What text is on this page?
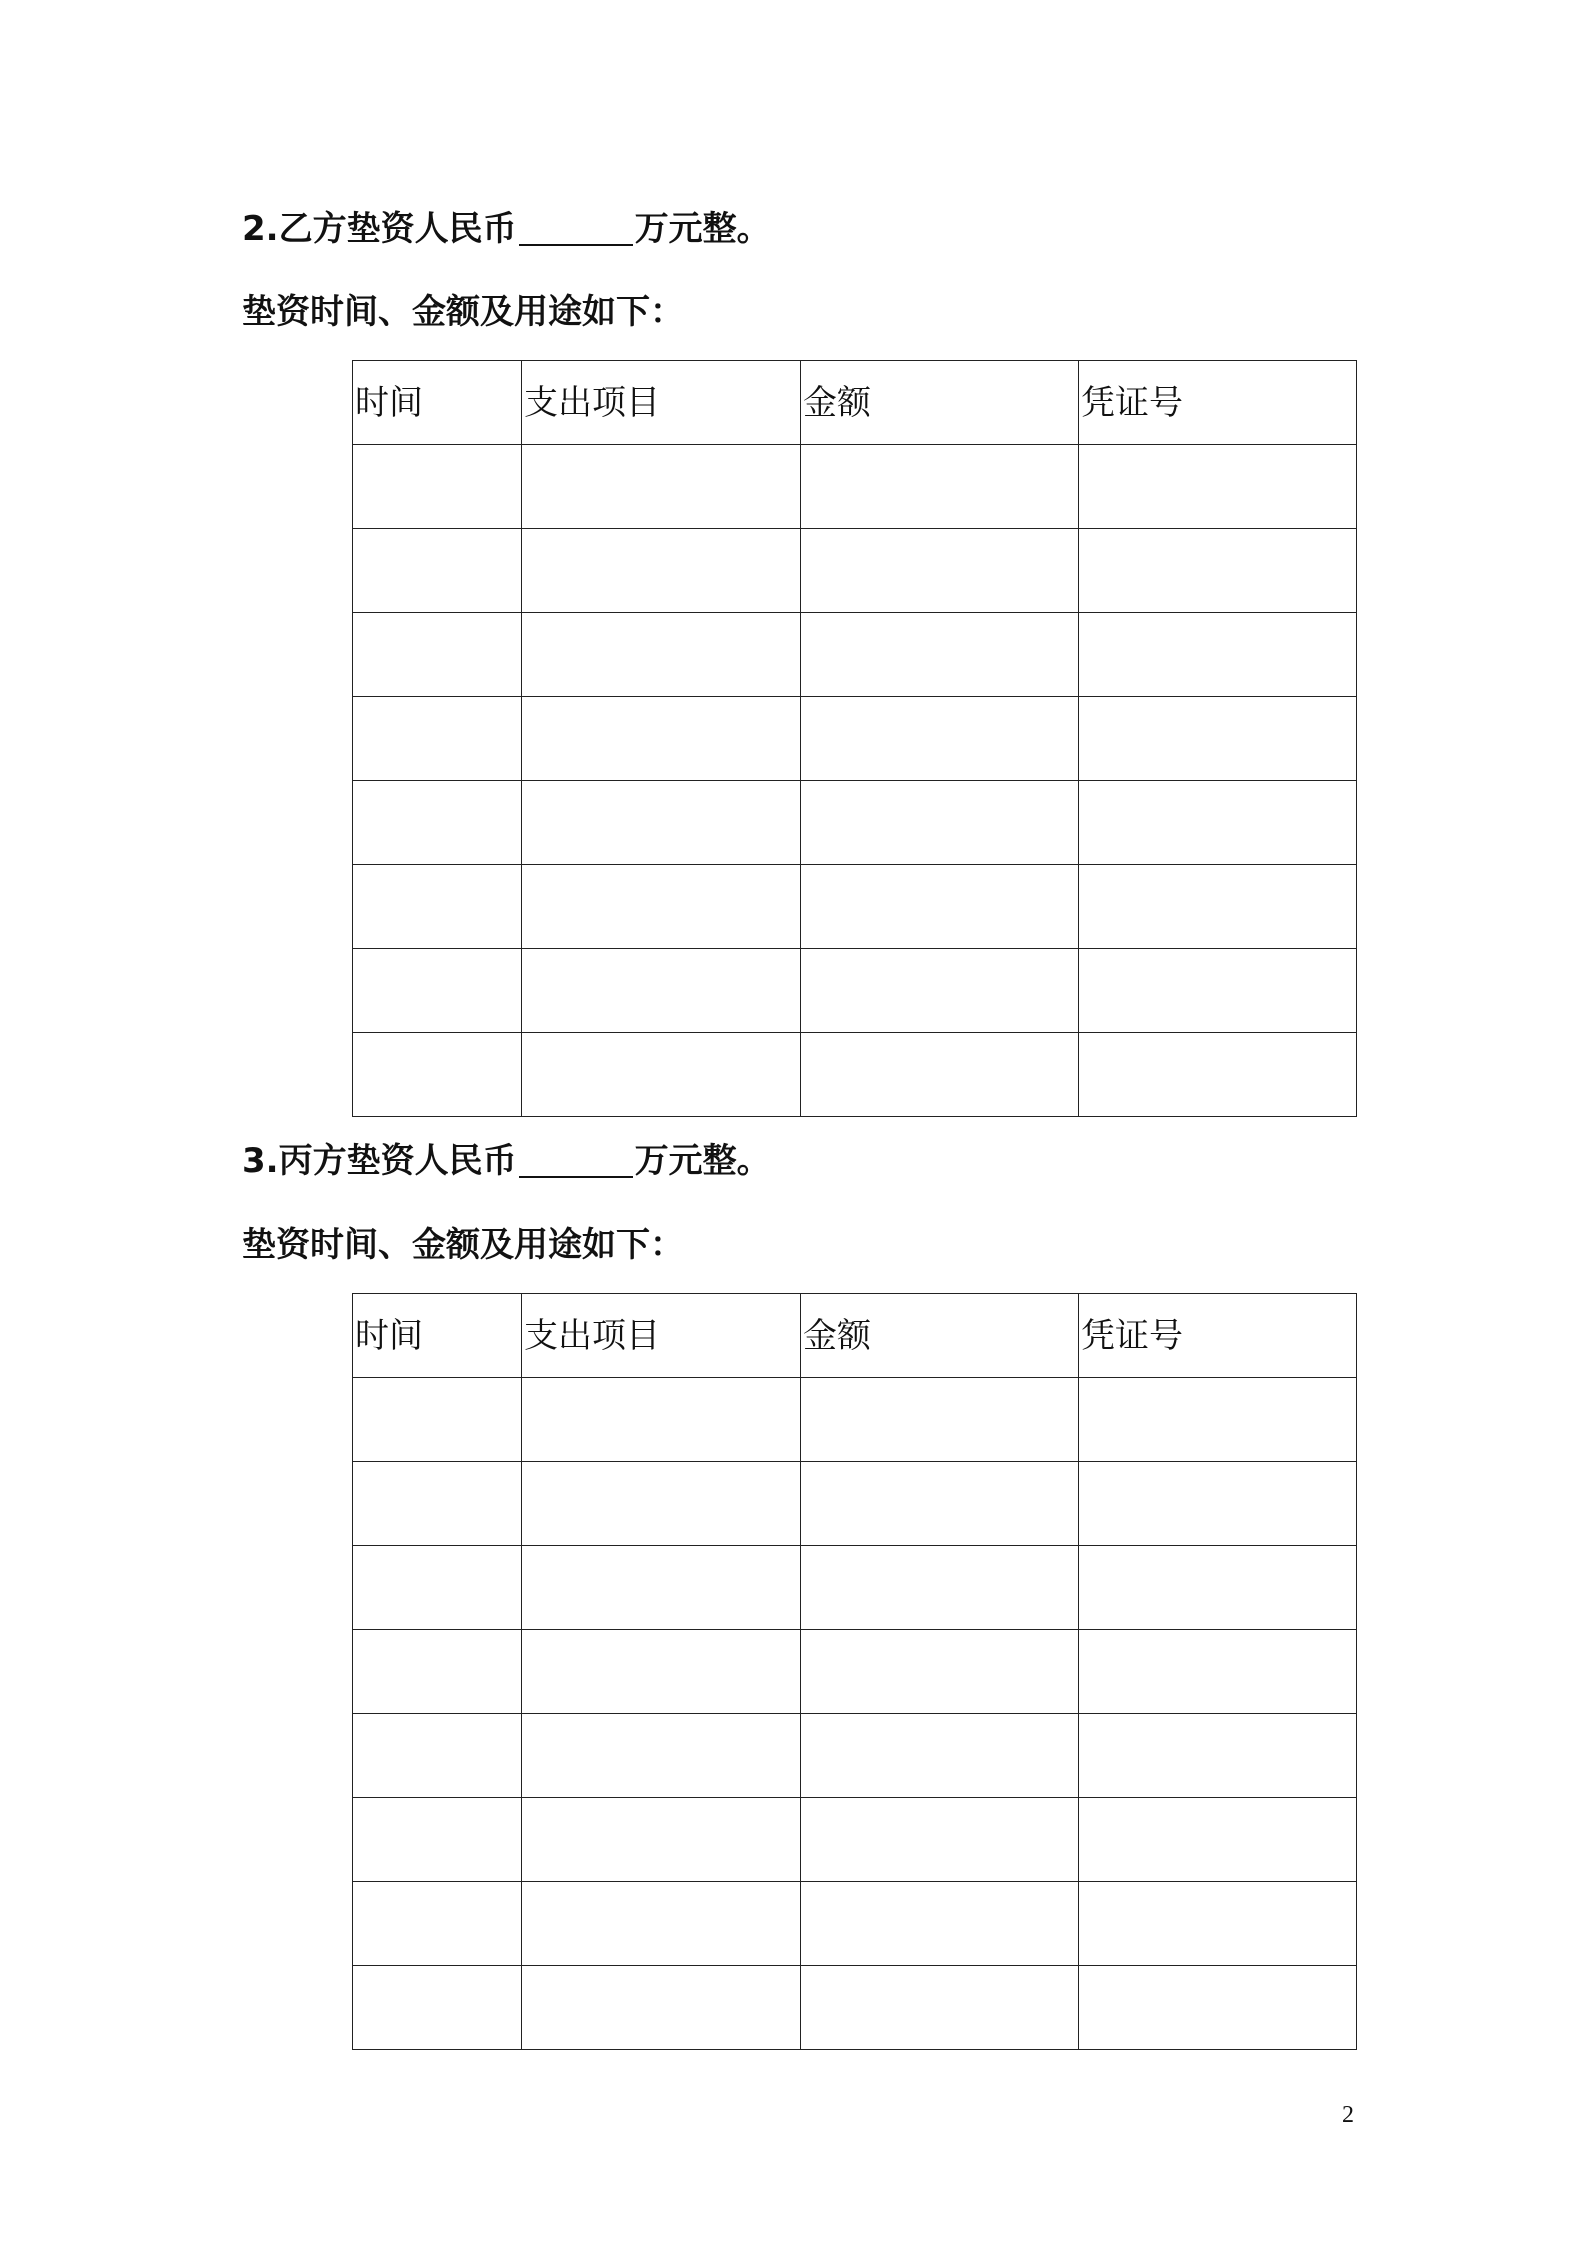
2.乙方垫资人民币	万元整。
垫资时间、金额及用途如下：
时间	支出项目	金额	凭证号

3.丙方垫资人民币	万元整。
垫资时间、金额及用途如下：
时间	支出项目	金额	凭证号

2
